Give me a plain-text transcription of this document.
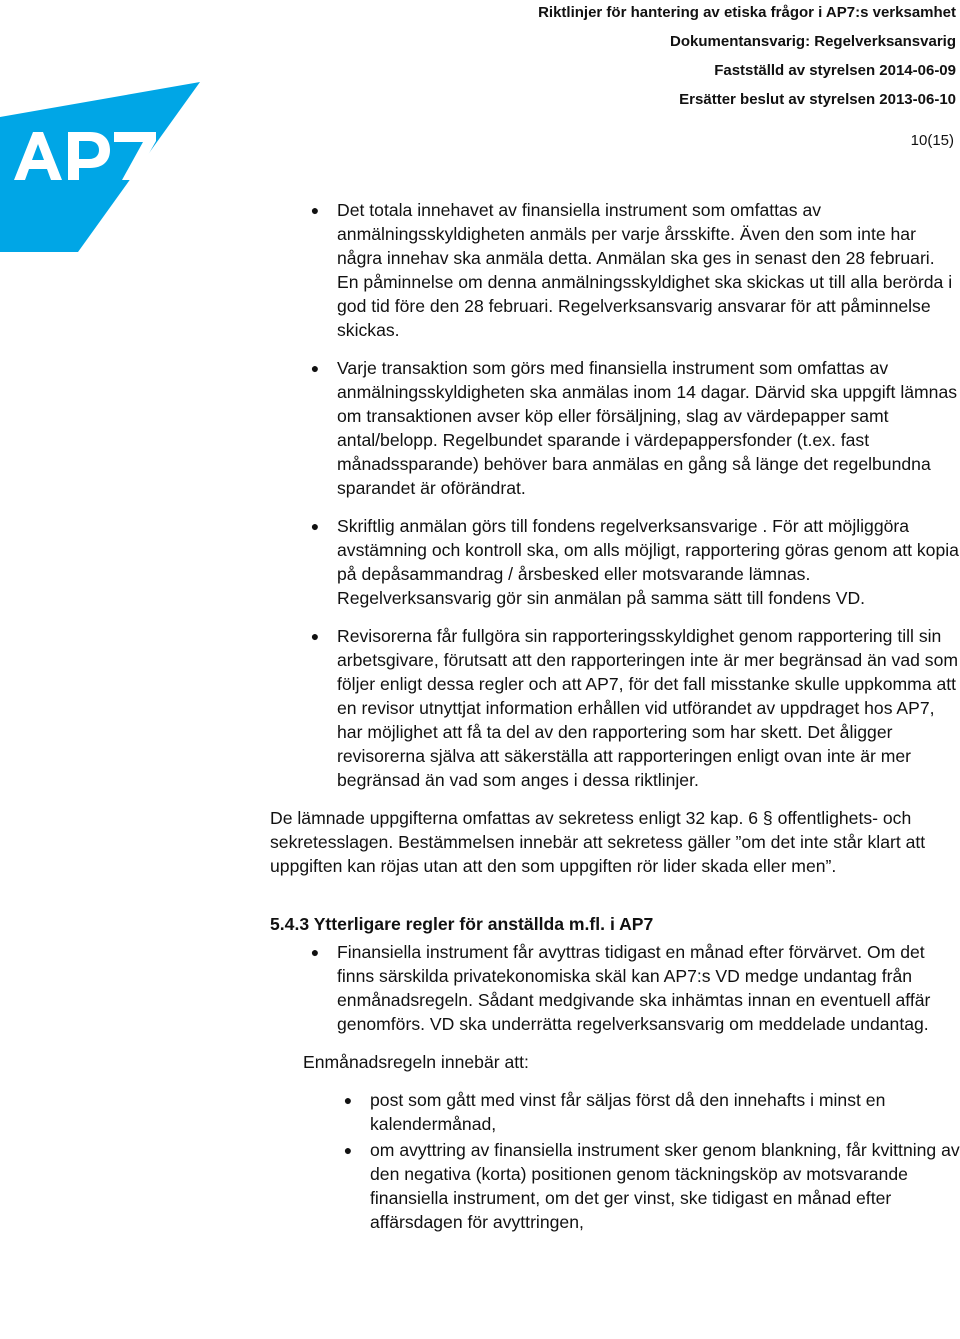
Riktlinjer för hantering av etiska frågor i AP7:s verksamhet
Dokumentansvarig: Regelverksansvarig
Fastställd av styrelsen 2014-06-09
Ersätter beslut av styrelsen 2013-06-10
10(15)
●	Det totala innehavet av finansiella instrument som omfattas av anmälningsskyldigheten anmäls per varje årsskifte. Även den som inte har några innehav ska anmäla detta. Anmälan ska ges in senast den 28 februari. En påminnelse om denna anmälningsskyldighet ska skickas ut till alla berörda i god tid före den 28 februari. Regelverksansvarig ansvarar för att påminnelse skickas.
●	Varje transaktion som görs med finansiella instrument som omfattas av anmälningsskyldigheten ska anmälas inom 14 dagar. Därvid ska uppgift lämnas om transaktionen avser köp eller försäljning, slag av värdepapper samt antal/belopp. Regelbundet sparande i värdepappersfonder (t.ex. fast månadssparande) behöver bara anmälas en gång så länge det regelbundna sparandet är oförändrat.
●	Skriftlig anmälan görs till fondens regelverksansvarige . För att möjliggöra avstämning och kontroll ska, om alls möjligt, rapportering göras genom att kopia på depåsammandrag / årsbesked eller motsvarande lämnas. Regelverksansvarig gör sin anmälan på samma sätt till fondens VD.
●	Revisorerna får fullgöra sin rapporteringsskyldighet genom rapportering till sin arbetsgivare, förutsatt att den rapporteringen inte är mer begränsad än vad som följer enligt dessa regler och att AP7, för det fall misstanke skulle uppkomma att en revisor utnyttjat information erhållen vid utförandet av uppdraget hos AP7, har möjlighet att få ta del av den rapportering som har skett. Det åligger revisorerna själva att säkerställa att rapporteringen enligt ovan inte är mer begränsad än vad som anges i dessa riktlinjer.

De lämnade uppgifterna omfattas av sekretess enligt 32 kap. 6 § offentlighets- och sekretesslagen. Bestämmelsen innebär att sekretess gäller ”om det inte står klart att uppgiften kan röjas utan att den som uppgiften rör lider skada eller men”.

5.4.3 Ytterligare regler för anställda m.fl. i AP7

●	Finansiella instrument får avyttras tidigast en månad efter förvärvet. Om det finns särskilda privatekonomiska skäl kan AP7:s VD medge undantag från enmånadsregeln. Sådant medgivande ska inhämtas innan en eventuell affär genomförs. VD ska underrätta regelverksansvarig om meddelade undantag.

Enmånadsregeln innebär att:

●	post som gått med vinst får säljas först då den innehafts i minst en kalendermånad,
●	om avyttring av finansiella instrument sker genom blankning, får kvittning av den negativa (korta) positionen genom täckningsköp av motsvarande finansiella instrument, om det ger vinst, ske tidigast en månad efter affärsdagen för avyttringen,
